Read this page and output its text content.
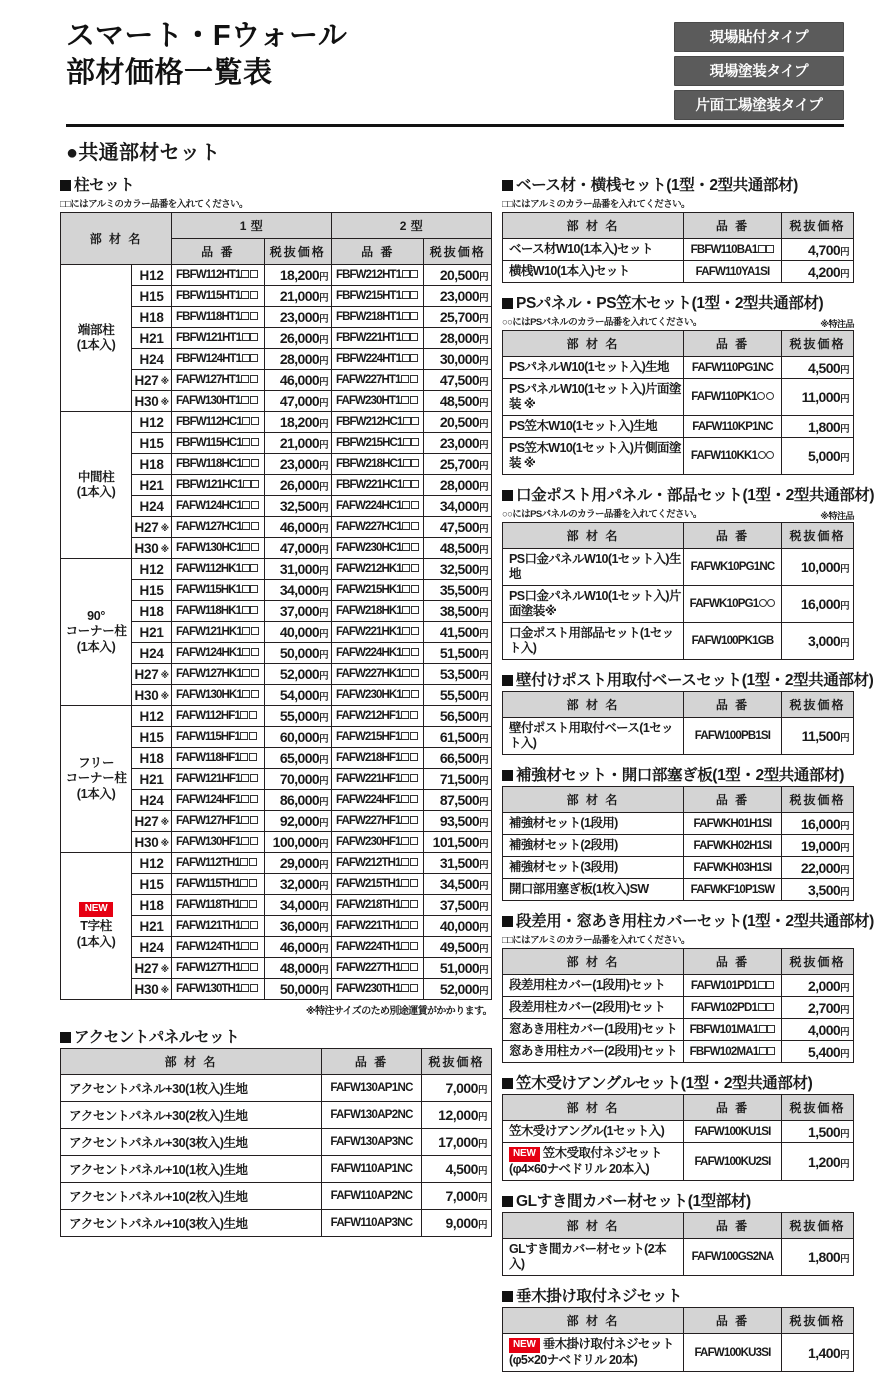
スマート・Fウォール
部材価格一覧表
現場貼付タイプ
現場塗装タイプ
片面工場塗装タイプ
●共通部材セット
柱セット
□□にはアルミのカラー品番を入れてください。
部 材 名		1 型		2 型	
		品 番	税抜価格	品 番	税抜価格
端部柱
(1本入)	H12	FBFW112HT1	18,200円	FBFW212HT1	20,500円
	H15	FBFW115HT1	21,000円	FBFW215HT1	23,000円
	H18	FBFW118HT1	23,000円	FBFW218HT1	25,700円
	H21	FBFW121HT1	26,000円	FBFW221HT1	28,000円
	H24	FBFW124HT1	28,000円	FBFW224HT1	30,000円
	H27 ※	FAFW127HT1	46,000円	FAFW227HT1	47,500円
	H30 ※	FAFW130HT1	47,000円	FAFW230HT1	48,500円
中間柱
(1本入)	H12	FBFW112HC1	18,200円	FBFW212HC1	20,500円
	H15	FBFW115HC1	21,000円	FBFW215HC1	23,000円
	H18	FBFW118HC1	23,000円	FBFW218HC1	25,700円
	H21	FBFW121HC1	26,000円	FBFW221HC1	28,000円
	H24	FAFW124HC1	32,500円	FAFW224HC1	34,000円
	H27 ※	FAFW127HC1	46,000円	FAFW227HC1	47,500円
	H30 ※	FAFW130HC1	47,000円	FAFW230HC1	48,500円
90°
コーナー柱
(1本入)	H12	FAFW112HK1	31,000円	FAFW212HK1	32,500円
	H15	FAFW115HK1	34,000円	FAFW215HK1	35,500円
	H18	FAFW118HK1	37,000円	FAFW218HK1	38,500円
	H21	FAFW121HK1	40,000円	FAFW221HK1	41,500円
	H24	FAFW124HK1	50,000円	FAFW224HK1	51,500円
	H27 ※	FAFW127HK1	52,000円	FAFW227HK1	53,500円
	H30 ※	FAFW130HK1	54,000円	FAFW230HK1	55,500円
フリー
コーナー柱
(1本入)	H12	FAFW112HF1	55,000円	FAFW212HF1	56,500円
	H15	FAFW115HF1	60,000円	FAFW215HF1	61,500円
	H18	FAFW118HF1	65,000円	FAFW218HF1	66,500円
	H21	FAFW121HF1	70,000円	FAFW221HF1	71,500円
	H24	FAFW124HF1	86,000円	FAFW224HF1	87,500円
	H27 ※	FAFW127HF1	92,000円	FAFW227HF1	93,500円
	H30 ※	FAFW130HF1	100,000円	FAFW230HF1	101,500円

NEW
T字柱
(1本入)	H12	FAFW112TH1	29,000円	FAFW212TH1	31,500円
	H15	FAFW115TH1	32,000円	FAFW215TH1	34,500円
	H18	FAFW118TH1	34,000円	FAFW218TH1	37,500円
	H21	FAFW121TH1	36,000円	FAFW221TH1	40,000円
	H24	FAFW124TH1	46,000円	FAFW224TH1	49,500円
	H27 ※	FAFW127TH1	48,000円	FAFW227TH1	51,000円
	H30 ※	FAFW130TH1	50,000円	FAFW230TH1	52,000円
※特注サイズのため別途運賃がかかります。
アクセントパネルセット
部 材 名	品 番	税抜価格
アクセントパネル+30(1枚入)生地	FAFW130AP1NC	7,000円
アクセントパネル+30(2枚入)生地	FAFW130AP2NC	12,000円
アクセントパネル+30(3枚入)生地	FAFW130AP3NC	17,000円
アクセントパネル+10(1枚入)生地	FAFW110AP1NC	4,500円
アクセントパネル+10(2枚入)生地	FAFW110AP2NC	7,000円
アクセントパネル+10(3枚入)生地	FAFW110AP3NC	9,000円
ベース材・横桟セット(1型・2型共通部材)
□□にはアルミのカラー品番を入れてください。
部 材 名	品 番	税抜価格
ベース材W10(1本入)セット	FBFW110BA1	4,700円
横桟W10(1本入)セット	FAFW110YA1SI	4,200円
PSパネル・PS笠木セット(1型・2型共通部材)
○○にはPSパネルのカラー品番を入れてください。	※特注品
部 材 名	品 番	税抜価格
PSパネルW10(1セット入)生地	FAFW110PG1NC	4,500円
PSパネルW10(1セット入)片面塗装 ※	FAFW110PK1	11,000円
PS笠木W10(1セット入)生地	FAFW110KP1NC	1,800円
PS笠木W10(1セット入)片側面塗装 ※	FAFW110KK1	5,000円
口金ポスト用パネル・部品セット(1型・2型共通部材)
○○にはPSパネルのカラー品番を入れてください。	※特注品
部 材 名	品 番	税抜価格
PS口金パネルW10(1セット入)生地	FAFWK10PG1NC	10,000円
PS口金パネルW10(1セット入)片面塗装※	FAFWK10PG1	16,000円
口金ポスト用部品セット(1セット入)	FAFW100PK1GB	3,000円
壁付けポスト用取付ベースセット(1型・2型共通部材)
部 材 名	品 番	税抜価格
壁付ポスト用取付ベース(1セット入)	FAFW100PB1SI	11,500円
補強材セット・開口部塞ぎ板(1型・2型共通部材)
部 材 名	品 番	税抜価格
補強材セット(1段用)	FAFWKH01H1SI	16,000円
補強材セット(2段用)	FAFWKH02H1SI	19,000円
補強材セット(3段用)	FAFWKH03H1SI	22,000円
開口部用塞ぎ板(1枚入)SW	FAFWKF10P1SW	3,500円
段差用・窓あき用柱カバーセット(1型・2型共通部材)
□□にはアルミのカラー品番を入れてください。
部 材 名	品 番	税抜価格
段差用柱カバー(1段用)セット	FAFW101PD1	2,000円
段差用柱カバー(2段用)セット	FAFW102PD1	2,700円
窓あき用柱カバー(1段用)セット	FBFW101MA1	4,000円
窓あき用柱カバー(2段用)セット	FBFW102MA1	5,400円
笠木受けアングルセット(1型・2型共通部材)
部 材 名	品 番	税抜価格
笠木受けアングル(1セット入)	FAFW100KU1SI	1,500円
NEW 笠木受取付ネジセット
(φ4×60ナベドリル 20本入)	FAFW100KU2SI	1,200円
GLすき間カバー材セット(1型部材)
部 材 名	品 番	税抜価格
GLすき間カバー材セット(2本入)	FAFW100GS2NA	1,800円
垂木掛け取付ネジセット
部 材 名	品 番	税抜価格
NEW 垂木掛け取付ネジセット
(φ5×20ナベドリル 20本)	FAFW100KU3SI	1,400円
